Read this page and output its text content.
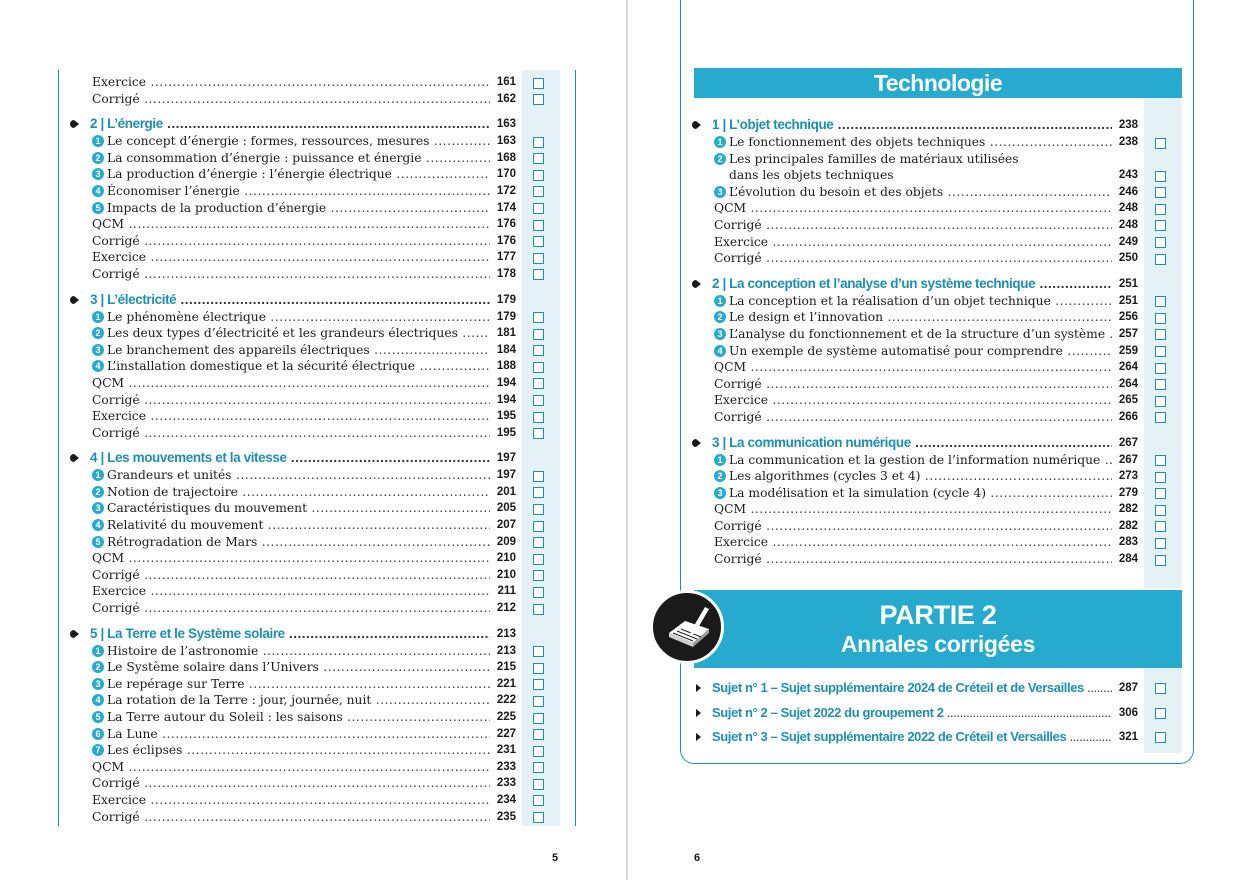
5
Technologie
PARTIE 2
Annales corrigées
6
Exercice .....	161
Corrigé .....	162
2 | L’énergie .....	163
1 Le concept d’énergie : formes, ressources, mesures .....	163
2 La consommation d’énergie : puissance et énergie .....	168
3 La production d’énergie : l’énergie électrique .....	170
4 Économiser l’énergie .....	172
5 Impacts de la production d’énergie .....	174
QCM .....	176
Corrigé .....	176
Exercice .....	177
Corrigé .....	178
3 | L’électricité .....	179
1 Le phénomène électrique .....	179
2 Les deux types d’électricité et les grandeurs électriques .....	181
3 Le branchement des appareils électriques .....	184
4 L’installation domestique et la sécurité électrique .....	188
QCM .....	194
Corrigé .....	194
Exercice .....	195
Corrigé .....	195
4 | Les mouvements et la vitesse .....	197
1 Grandeurs et unités .....	197
2 Notion de trajectoire .....	201
3 Caractéristiques du mouvement .....	205
4 Relativité du mouvement .....	207
5 Rétrogradation de Mars .....	209
QCM .....	210
Corrigé .....	210
Exercice .....	211
Corrigé .....	212
5 | La Terre et le Système solaire .....	213
1 Histoire de l’astronomie .....	213
2 Le Système solaire dans l’Univers .....	215
3 Le repérage sur Terre .....	221
4 La rotation de la Terre : jour, journée, nuit .....	222
5 La Terre autour du Soleil : les saisons .....	225
6 La Lune .....	227
7 Les éclipses .....	231
QCM .....	233
Corrigé .....	233
Exercice .....	234
Corrigé .....	235
1 | L’objet technique .....	238
1 Le fonctionnement des objets techniques .....	238
2 Les principales familles de matériaux utilisées
dans les objets techniques	243
3 L’évolution du besoin et des objets .....	246
QCM .....	248
Corrigé .....	248
Exercice .....	249
Corrigé .....	250
2 | La conception et l’analyse d’un système technique .....	251
1 La conception et la réalisation d’un objet technique .....	251
2 Le design et l’innovation .....	256
3 L’analyse du fonctionnement et de la structure d’un système .....	257
4 Un exemple de système automatisé pour comprendre .....	259
QCM .....	264
Corrigé .....	264
Exercice .....	265
Corrigé .....	266
3 | La communication numérique .....	267
1 La communication et la gestion de l’information numérique .....	267
2 Les algorithmes (cycles 3 et 4) .....	273
3 La modélisation et la simulation (cycle 4) .....	279
QCM .....	282
Corrigé .....	282
Exercice .....	283
Corrigé .....	284
Sujet n° 1 – Sujet supplémentaire 2024 de Créteil et de Versailles .....	287
Sujet n° 2 – Sujet 2022 du groupement 2 .....	306
Sujet n° 3 – Sujet supplémentaire 2022 de Créteil et Versailles .....	321
